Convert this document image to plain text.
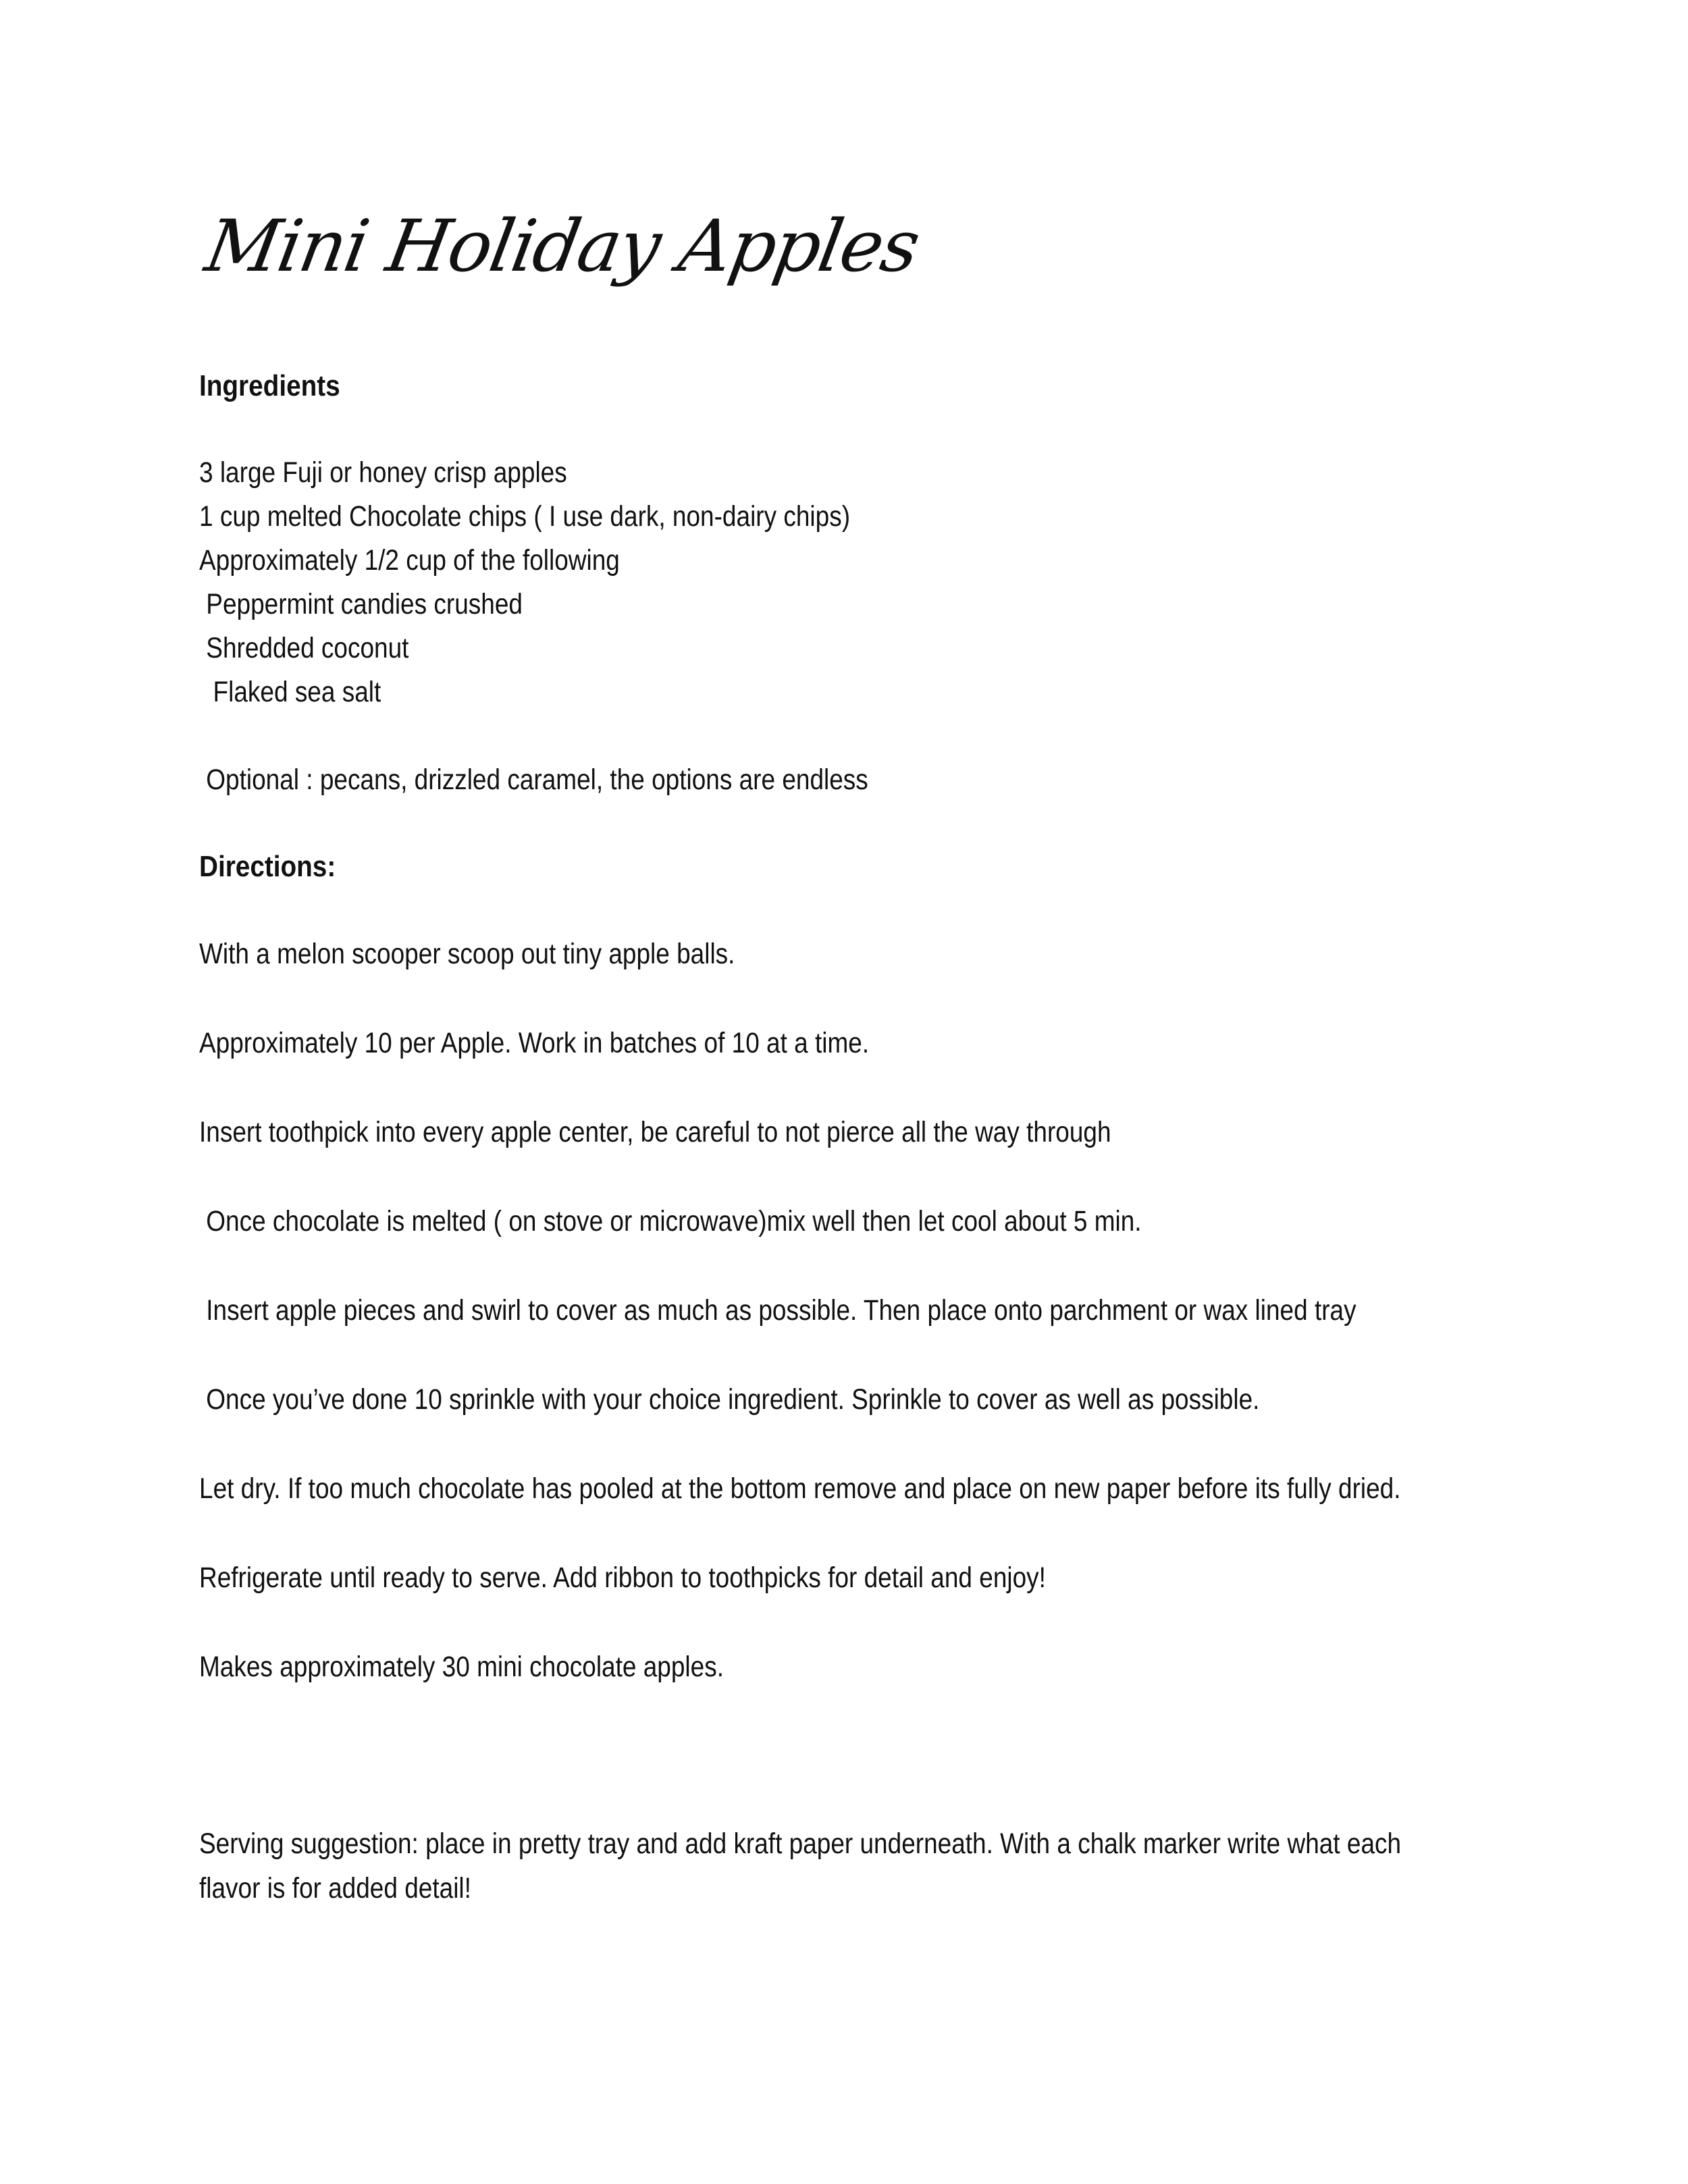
Mini Holiday Apples
Ingredients

3 large Fuji or honey crisp apples

1 cup melted Chocolate chips ( I use dark, non-dairy chips)

Approximately 1/2 cup of the following

Peppermint candies crushed

Shredded coconut

Flaked sea salt

Optional : pecans, drizzled caramel, the options are endless

Directions:

With a melon scooper scoop out tiny apple balls.

Approximately 10 per Apple. Work in batches of 10 at a time.

Insert toothpick into every apple center, be careful to not pierce all the way through

Once chocolate is melted ( on stove or microwave)mix well then let cool about 5 min.

Insert apple pieces and swirl to cover as much as possible. Then place onto parchment or wax lined tray

Once you’ve done 10 sprinkle with your choice ingredient. Sprinkle to cover as well as possible.

Let dry. If too much chocolate has pooled at the bottom remove and place on new paper before its fully dried.

Refrigerate until ready to serve. Add ribbon to toothpicks for detail and enjoy!

Makes approximately 30 mini chocolate apples.

Serving suggestion: place in pretty tray and add kraft paper underneath. With a chalk marker write what each

flavor is for added detail!
